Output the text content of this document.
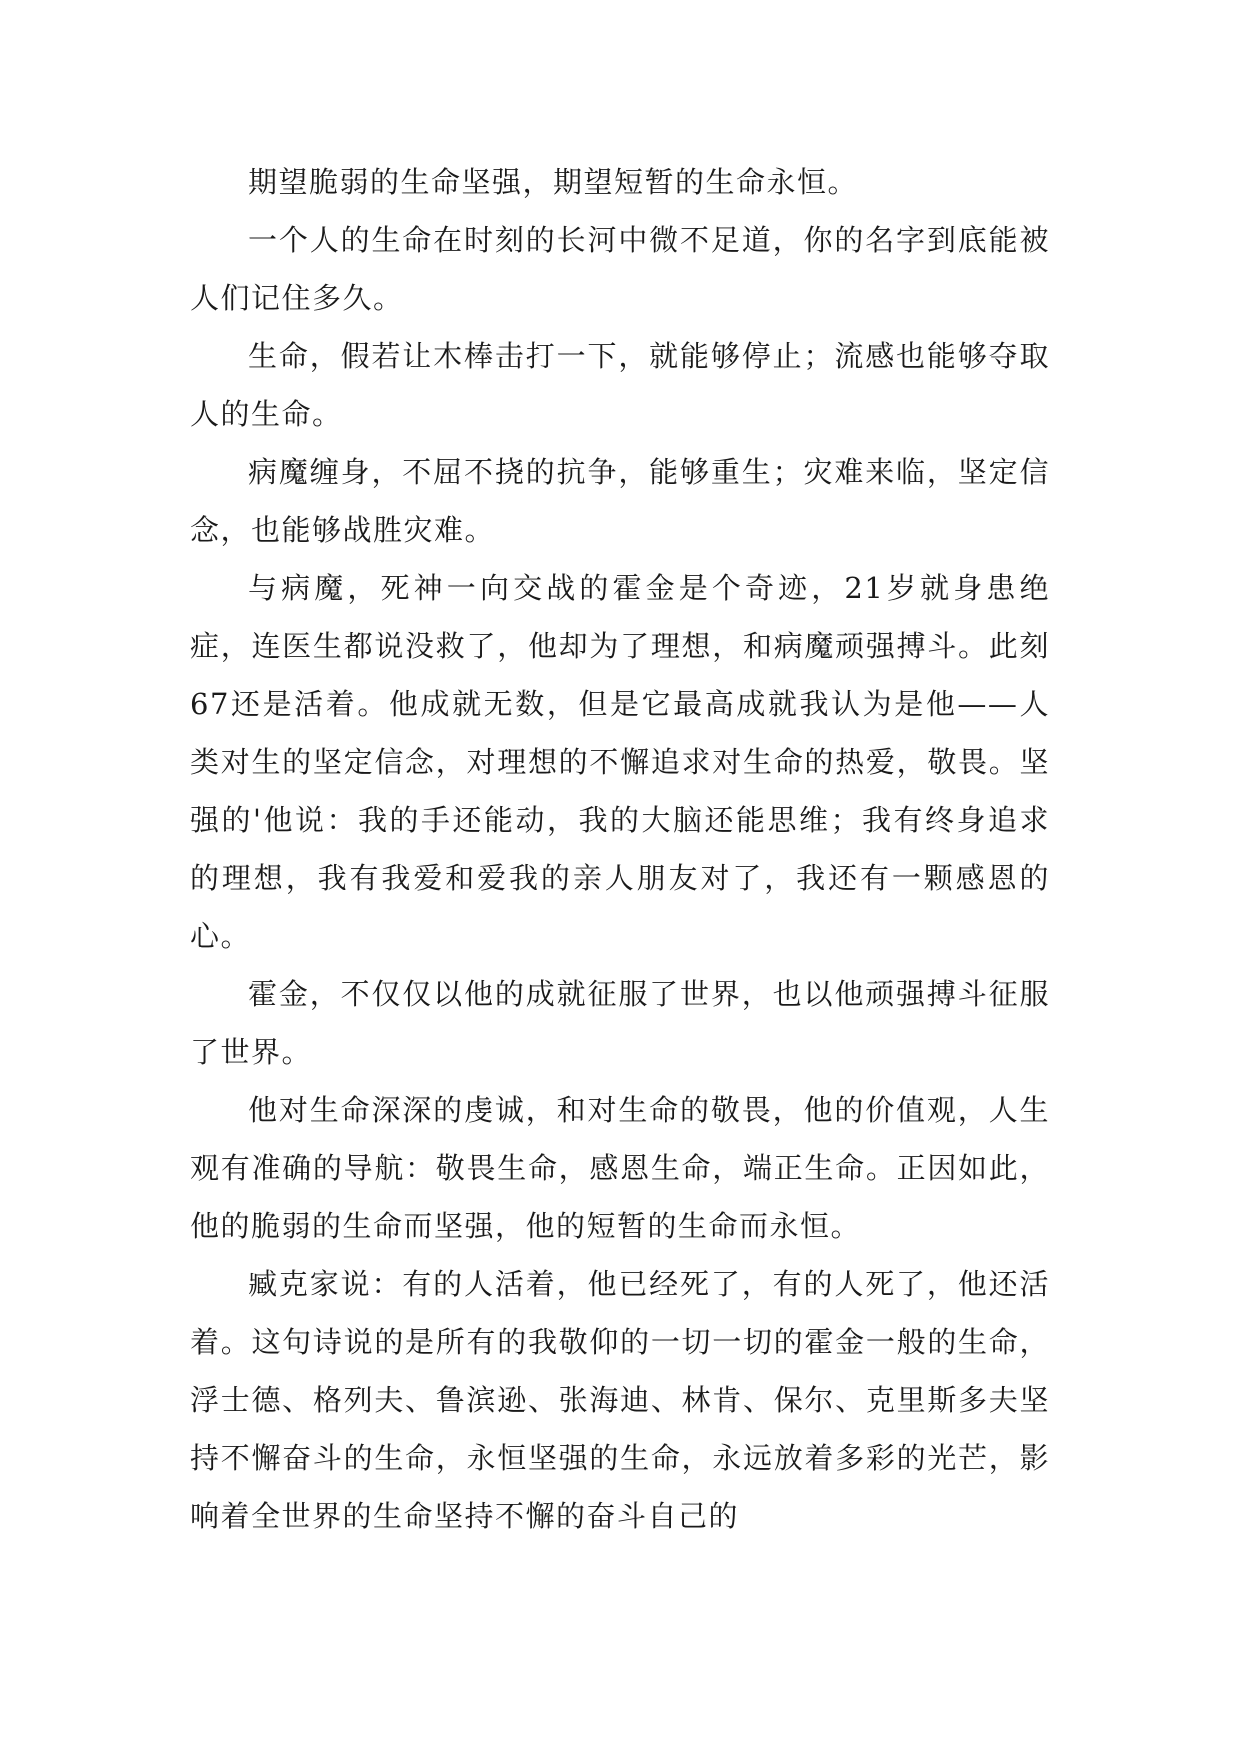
期望脆弱的生命坚强，期望短暂的生命永恒。

一个人的生命在时刻的长河中微不足道，你的名字到底能被人们记住多久。

生命，假若让木棒击打一下，就能够停止；流感也能够夺取人的生命。

病魔缠身，不屈不挠的抗争，能够重生；灾难来临，坚定信念，也能够战胜灾难。

与病魔，死神一向交战的霍金是个奇迹，21岁就身患绝症，连医生都说没救了，他却为了理想，和病魔顽强搏斗。此刻67还是活着。他成就无数，但是它最高成就我认为是他——人类对生的坚定信念，对理想的不懈追求对生命的热爱，敬畏。坚强的'他说：我的手还能动，我的大脑还能思维；我有终身追求的理想，我有我爱和爱我的亲人朋友对了，我还有一颗感恩的心。

霍金，不仅仅以他的成就征服了世界，也以他顽强搏斗征服了世界。

他对生命深深的虔诚，和对生命的敬畏，他的价值观，人生观有准确的导航：敬畏生命，感恩生命，端正生命。正因如此，他的脆弱的生命而坚强，他的短暂的生命而永恒。

臧克家说：有的人活着，他已经死了，有的人死了，他还活着。这句诗说的是所有的我敬仰的一切一切的霍金一般的生命，浮士德、格列夫、鲁滨逊、张海迪、林肯、保尔、克里斯多夫坚持不懈奋斗的生命，永恒坚强的生命，永远放着多彩的光芒，影响着全世界的生命坚持不懈的奋斗自己的
